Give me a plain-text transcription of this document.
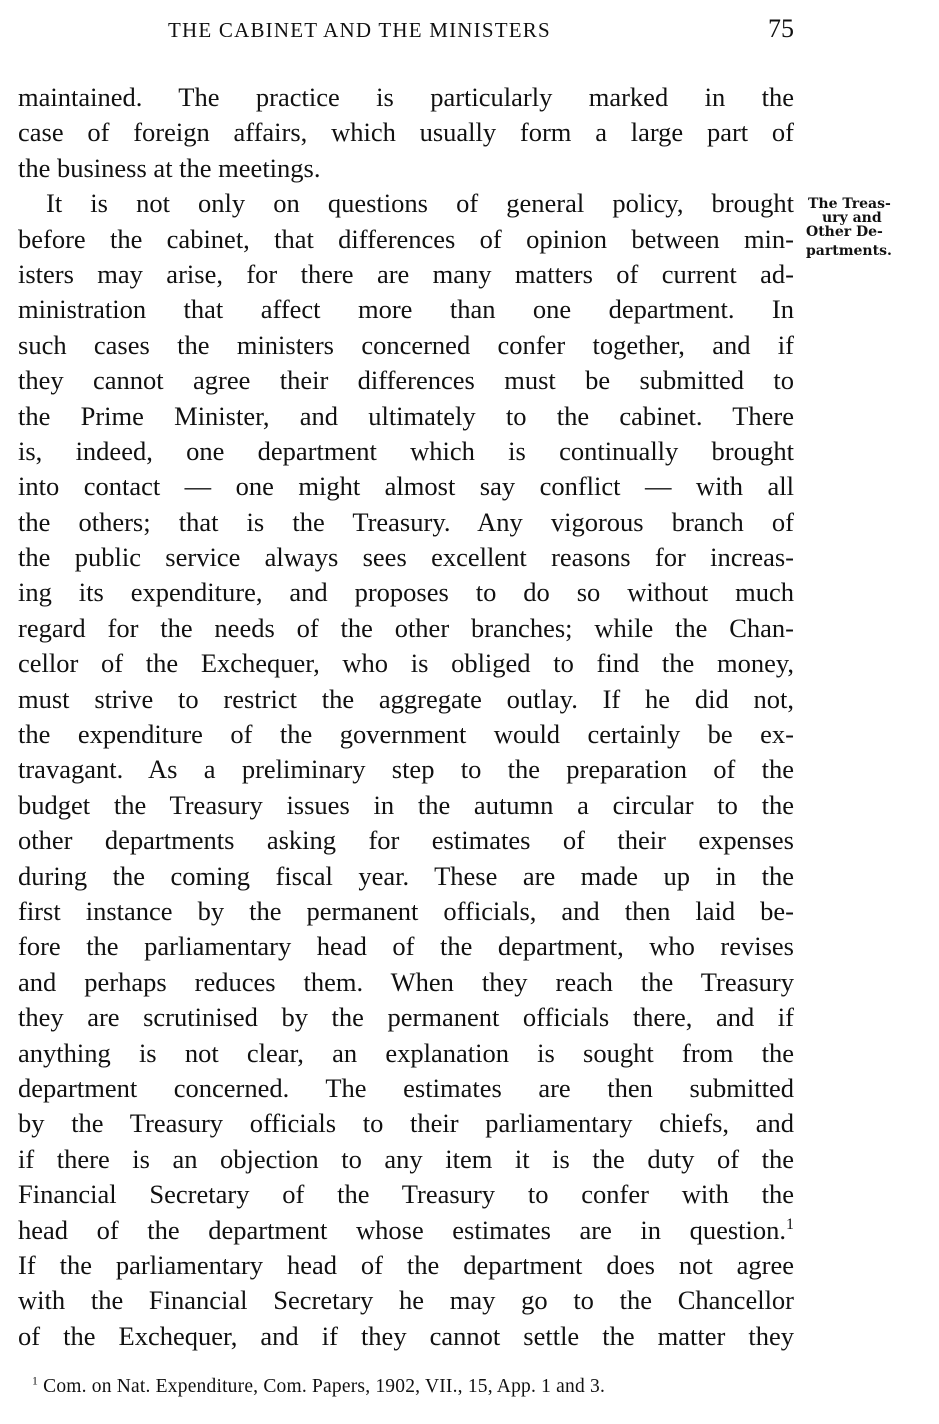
THE CABINET AND THE MINISTERS	75
maintained. The practice is particularly marked in the
case of foreign affairs, which usually form a large part of
the business at the meetings.
It is not only on questions of general policy, brought
before the cabinet, that differences of opinion between min-
isters may arise, for there are many matters of current ad-
ministration that affect more than one department. In
such cases the ministers concerned confer together, and if
they cannot agree their differences must be submitted to
the Prime Minister, and ultimately to the cabinet. There
is, indeed, one department which is continually brought
into contact — one might almost say conflict — with all
the others; that is the Treasury. Any vigorous branch of
the public service always sees excellent reasons for increas-
ing its expenditure, and proposes to do so without much
regard for the needs of the other branches; while the Chan-
cellor of the Exchequer, who is obliged to find the money,
must strive to restrict the aggregate outlay. If he did not,
the expenditure of the government would certainly be ex-
travagant. As a preliminary step to the preparation of the
budget the Treasury issues in the autumn a circular to the
other departments asking for estimates of their expenses
during the coming fiscal year. These are made up in the
first instance by the permanent officials, and then laid be-
fore the parliamentary head of the department, who revises
and perhaps reduces them. When they reach the Treasury
they are scrutinised by the permanent officials there, and if
anything is not clear, an explanation is sought from the
department concerned. The estimates are then submitted
by the Treasury officials to their parliamentary chiefs, and
if there is an objection to any item it is the duty of the
Financial Secretary of the Treasury to confer with the
head of the department whose estimates are in question.$^1$
If the parliamentary head of the department does not agree
with the Financial Secretary he may go to the Chancellor
of the Exchequer, and if they cannot settle the matter they
The Treas-
ury and
Other De-
partments.
$^1$ Com. on Nat. Expenditure, Com. Papers, 1902, VII., 15, App. 1 and 3.
